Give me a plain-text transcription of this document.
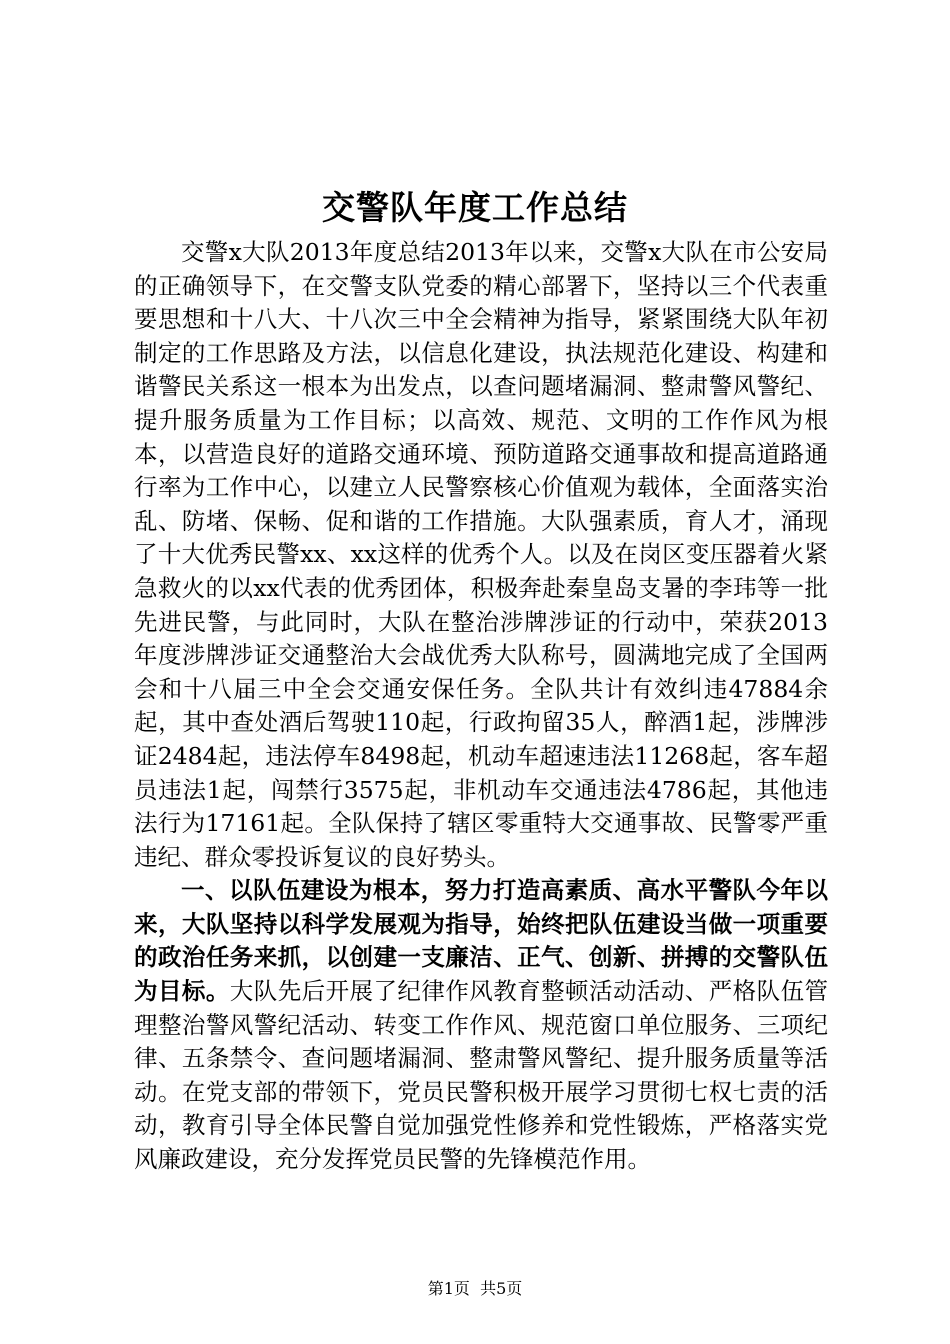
交警队年度工作总结

交警x大队2013年度总结2013年以来，交警x大队在市公安局的正确领导下，在交警支队党委的精心部署下，坚持以三个代表重要思想和十八大、十八次三中全会精神为指导，紧紧围绕大队年初制定的工作思路及方法，以信息化建设，执法规范化建设、构建和谐警民关系这一根本为出发点，以查问题堵漏洞、整肃警风警纪、提升服务质量为工作目标；以高效、规范、文明的工作作风为根本，以营造良好的道路交通环境、预防道路交通事故和提高道路通行率为工作中心，以建立人民警察核心价值观为载体，全面落实治乱、防堵、保畅、促和谐的工作措施。大队强素质，育人才，涌现了十大优秀民警xx、xx这样的优秀个人。以及在岗区变压器着火紧急救火的以xx代表的优秀团体，积极奔赴秦皇岛支暑的李玮等一批先进民警，与此同时，大队在整治涉牌涉证的行动中，荣获2013年度涉牌涉证交通整治大会战优秀大队称号，圆满地完成了全国两会和十八届三中全会交通安保任务。全队共计有效纠违47884余起，其中查处酒后驾驶110起，行政拘留35人，醉酒1起，涉牌涉证2484起，违法停车8498起，机动车超速违法11268起，客车超员违法1起，闯禁行3575起，非机动车交通违法4786起，其他违法行为17161起。全队保持了辖区零重特大交通事故、民警零严重违纪、群众零投诉复议的良好势头。

一、以队伍建设为根本，努力打造高素质、高水平警队今年以来，大队坚持以科学发展观为指导，始终把队伍建设当做一项重要的政治任务来抓，以创建一支廉洁、正气、创新、拼搏的交警队伍为目标。大队先后开展了纪律作风教育整顿活动活动、严格队伍管理整治警风警纪活动、转变工作作风、规范窗口单位服务、三项纪律、五条禁令、查问题堵漏洞、整肃警风警纪、提升服务质量等活动。在党支部的带领下，党员民警积极开展学习贯彻七权七责的活动，教育引导全体民警自觉加强党性修养和党性锻炼，严格落实党风廉政建设，充分发挥党员民警的先锋模范作用。

第1页 共5页
